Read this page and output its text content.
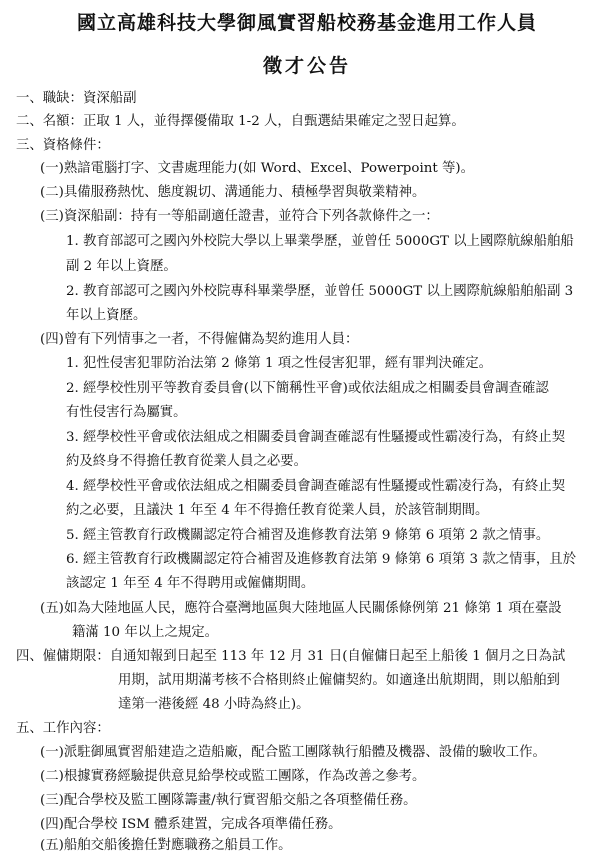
國立高雄科技大學御風實習船校務基金進用工作人員
徵才公告
一、職缺：資深船副
二、名額：正取 1 人，並得擇優備取 1-2 人，自甄選結果確定之翌日起算。
三、資格條件：
(一)熟諳電腦打字、文書處理能力(如 Word、Excel、Powerpoint 等)。
(二)具備服務熱忱、態度親切、溝通能力、積極學習與敬業精神。
(三)資深船副：持有一等船副適任證書，並符合下列各款條件之一：
1. 教育部認可之國內外校院大學以上畢業學歷，並曾任 5000GT 以上國際航線船舶船
副 2 年以上資歷。
2. 教育部認可之國內外校院專科畢業學歷，並曾任 5000GT 以上國際航線船舶船副 3
年以上資歷。
(四)曾有下列情事之一者，不得僱傭為契約進用人員：
1. 犯性侵害犯罪防治法第 2 條第 1 項之性侵害犯罪，經有罪判決確定。
2. 經學校性別平等教育委員會(以下簡稱性平會)或依法組成之相關委員會調查確認
有性侵害行為屬實。
3. 經學校性平會或依法組成之相關委員會調查確認有性騷擾或性霸凌行為，有終止契
約及終身不得擔任教育從業人員之必要。
4. 經學校性平會或依法組成之相關委員會調查確認有性騷擾或性霸凌行為，有終止契
約之必要，且議決 1 年至 4 年不得擔任教育從業人員，於該管制期間。
5. 經主管教育行政機關認定符合補習及進修教育法第 9 條第 6 項第 2 款之情事。
6. 經主管教育行政機關認定符合補習及進修教育法第 9 條第 6 項第 3 款之情事，且於
該認定 1 年至 4 年不得聘用或僱傭期間。
(五)如為大陸地區人民，應符合臺灣地區與大陸地區人民關係條例第 21 條第 1 項在臺設
籍滿 10 年以上之規定。
四、僱傭期限：自通知報到日起至 113 年 12 月 31 日(自僱傭日起至上船後 1 個月之日為試
用期，試用期滿考核不合格則終止僱傭契約。如適逢出航期間，則以船舶到
達第一港後經 48 小時為終止)。
五、工作內容：
(一)派駐御風實習船建造之造船廠，配合監工團隊執行船體及機器、設備的驗收工作。
(二)根據實務經驗提供意見給學校或監工團隊，作為改善之參考。
(三)配合學校及監工團隊籌畫/執行實習船交船之各項整備任務。
(四)配合學校 ISM 體系建置，完成各項準備任務。
(五)船舶交船後擔任對應職務之船員工作。
